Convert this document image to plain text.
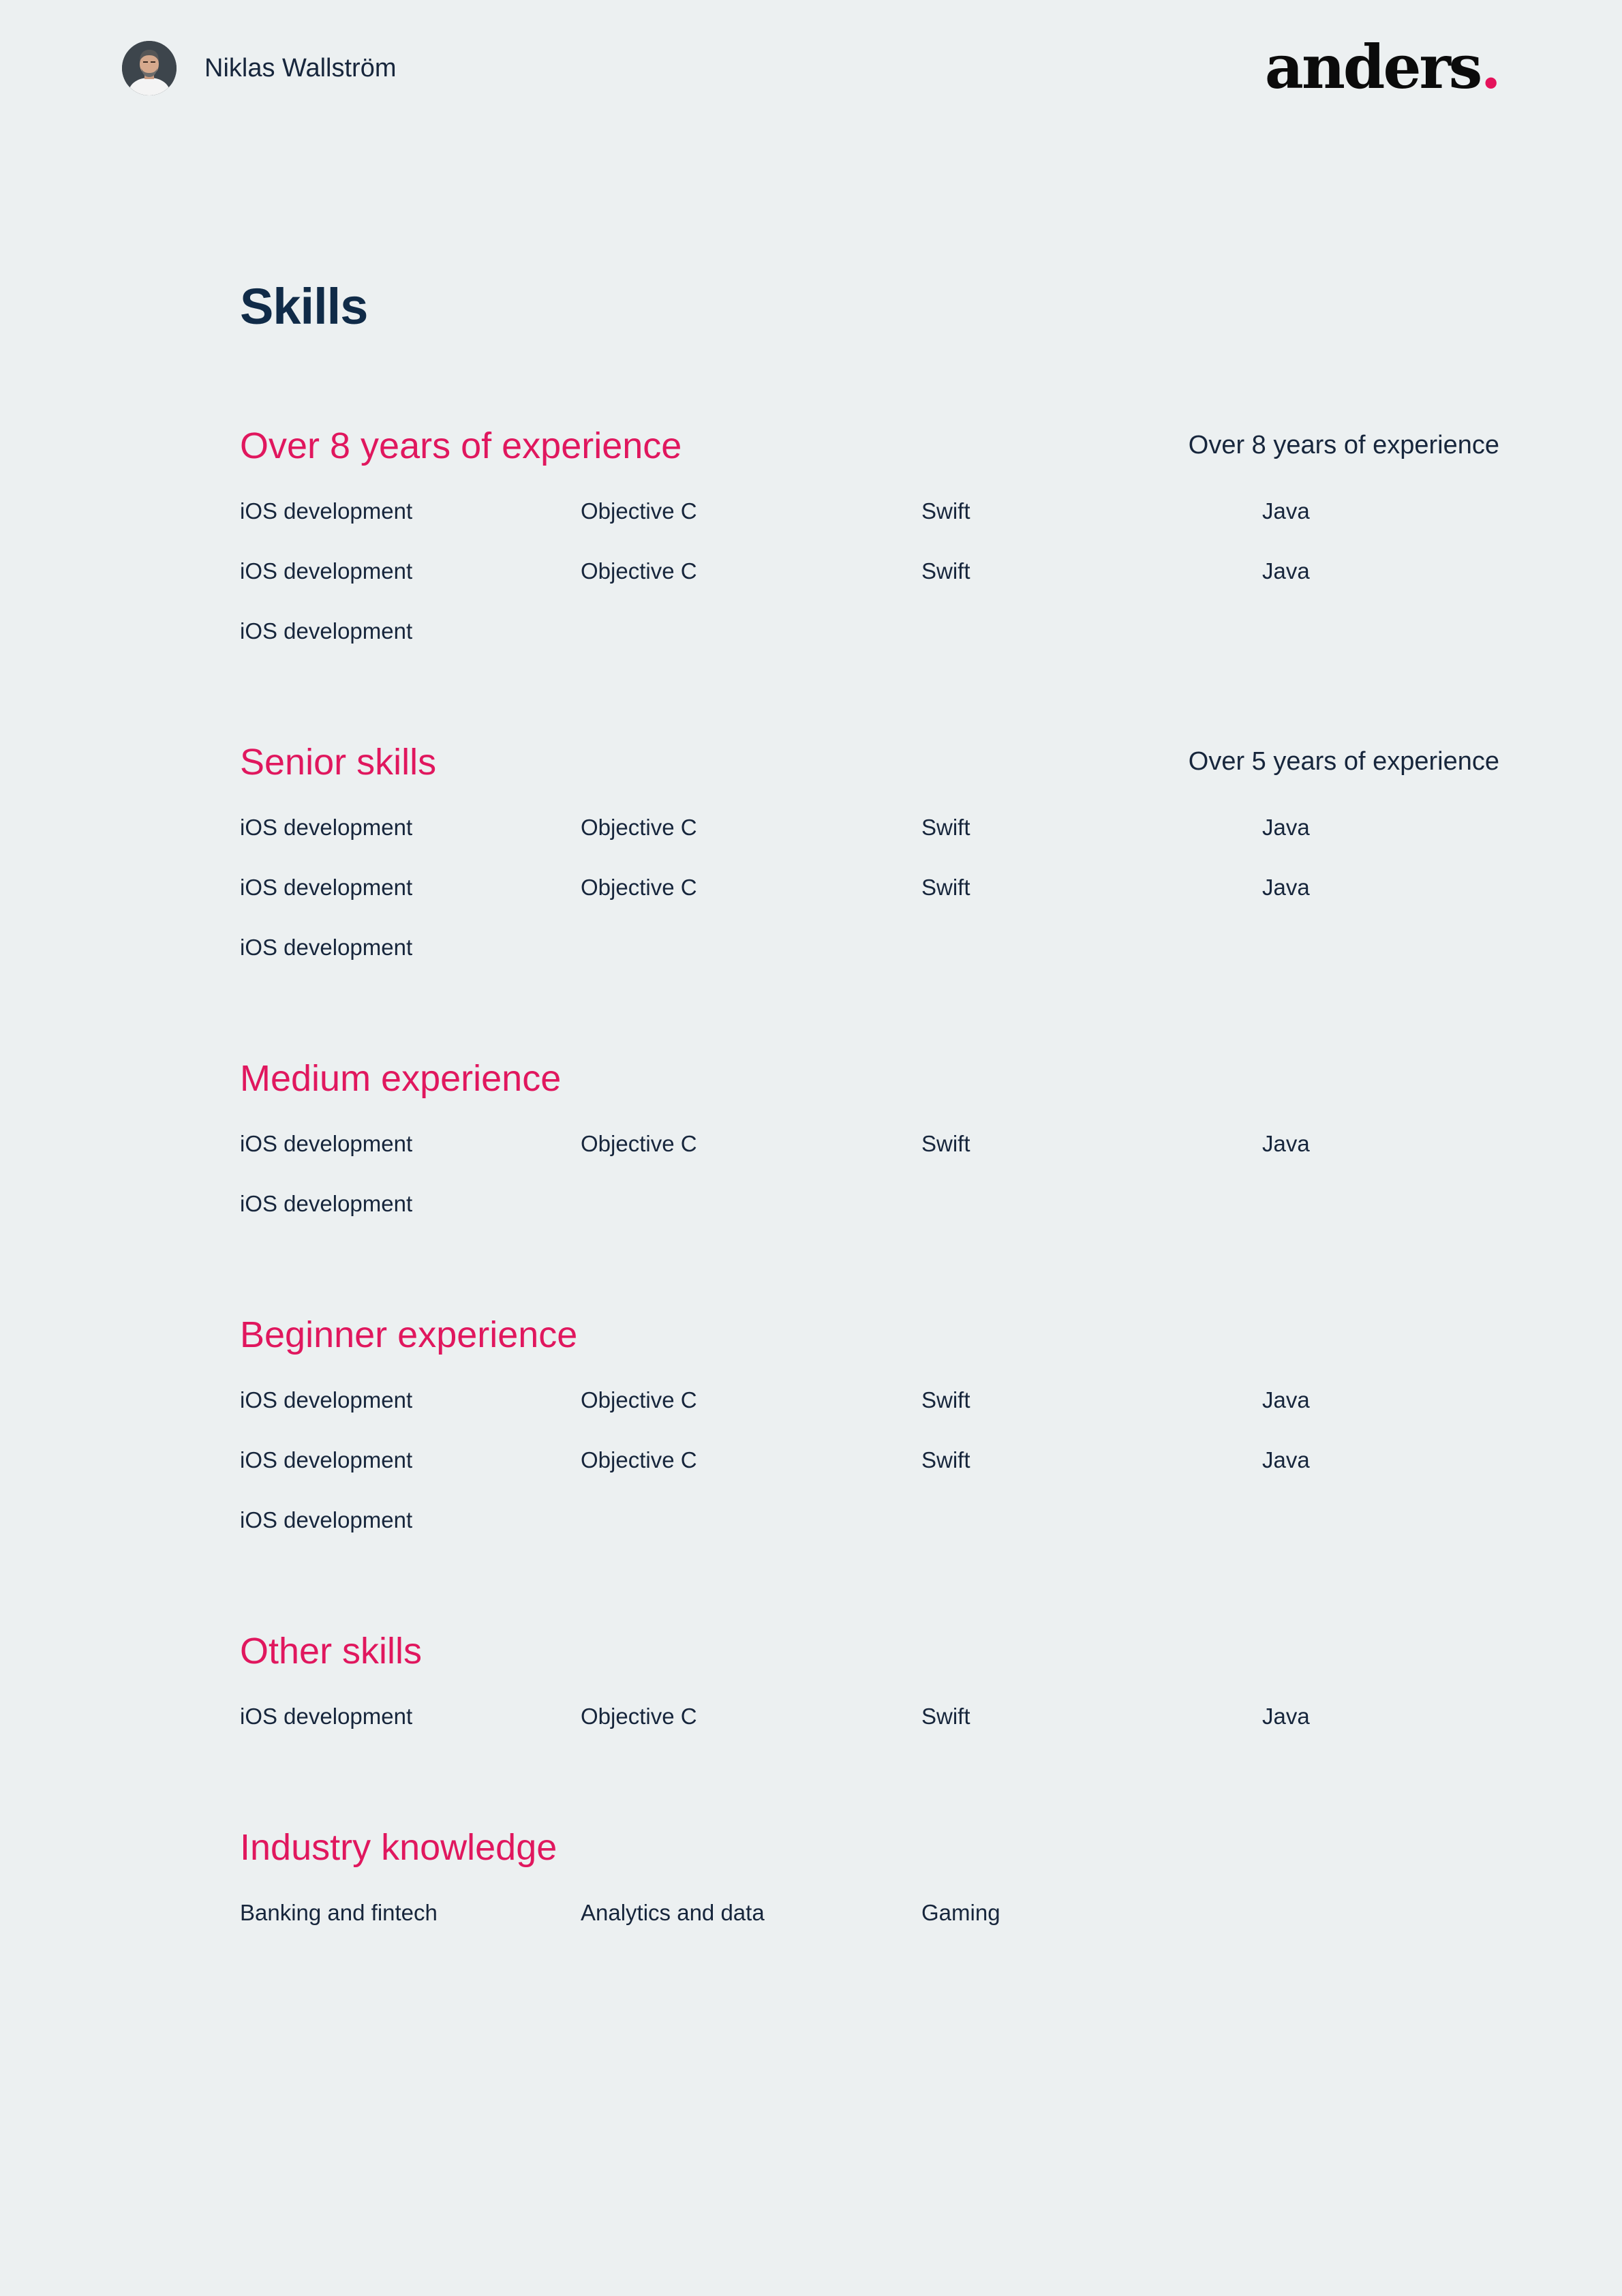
Niklas Wallström	anders.
Skills
Over 8 years of experience	Over 8 years of experience
iOS development	Objective C	Swift	Java
iOS development	Objective C	Swift	Java
iOS development
Senior skills	Over 5 years of experience
iOS development	Objective C	Swift	Java
iOS development	Objective C	Swift	Java
iOS development
Medium experience
iOS development	Objective C	Swift	Java
iOS development
Beginner experience
iOS development	Objective C	Swift	Java
iOS development	Objective C	Swift	Java
iOS development
Other skills
iOS development	Objective C	Swift	Java
Industry knowledge
Banking and fintech	Analytics and data	Gaming
